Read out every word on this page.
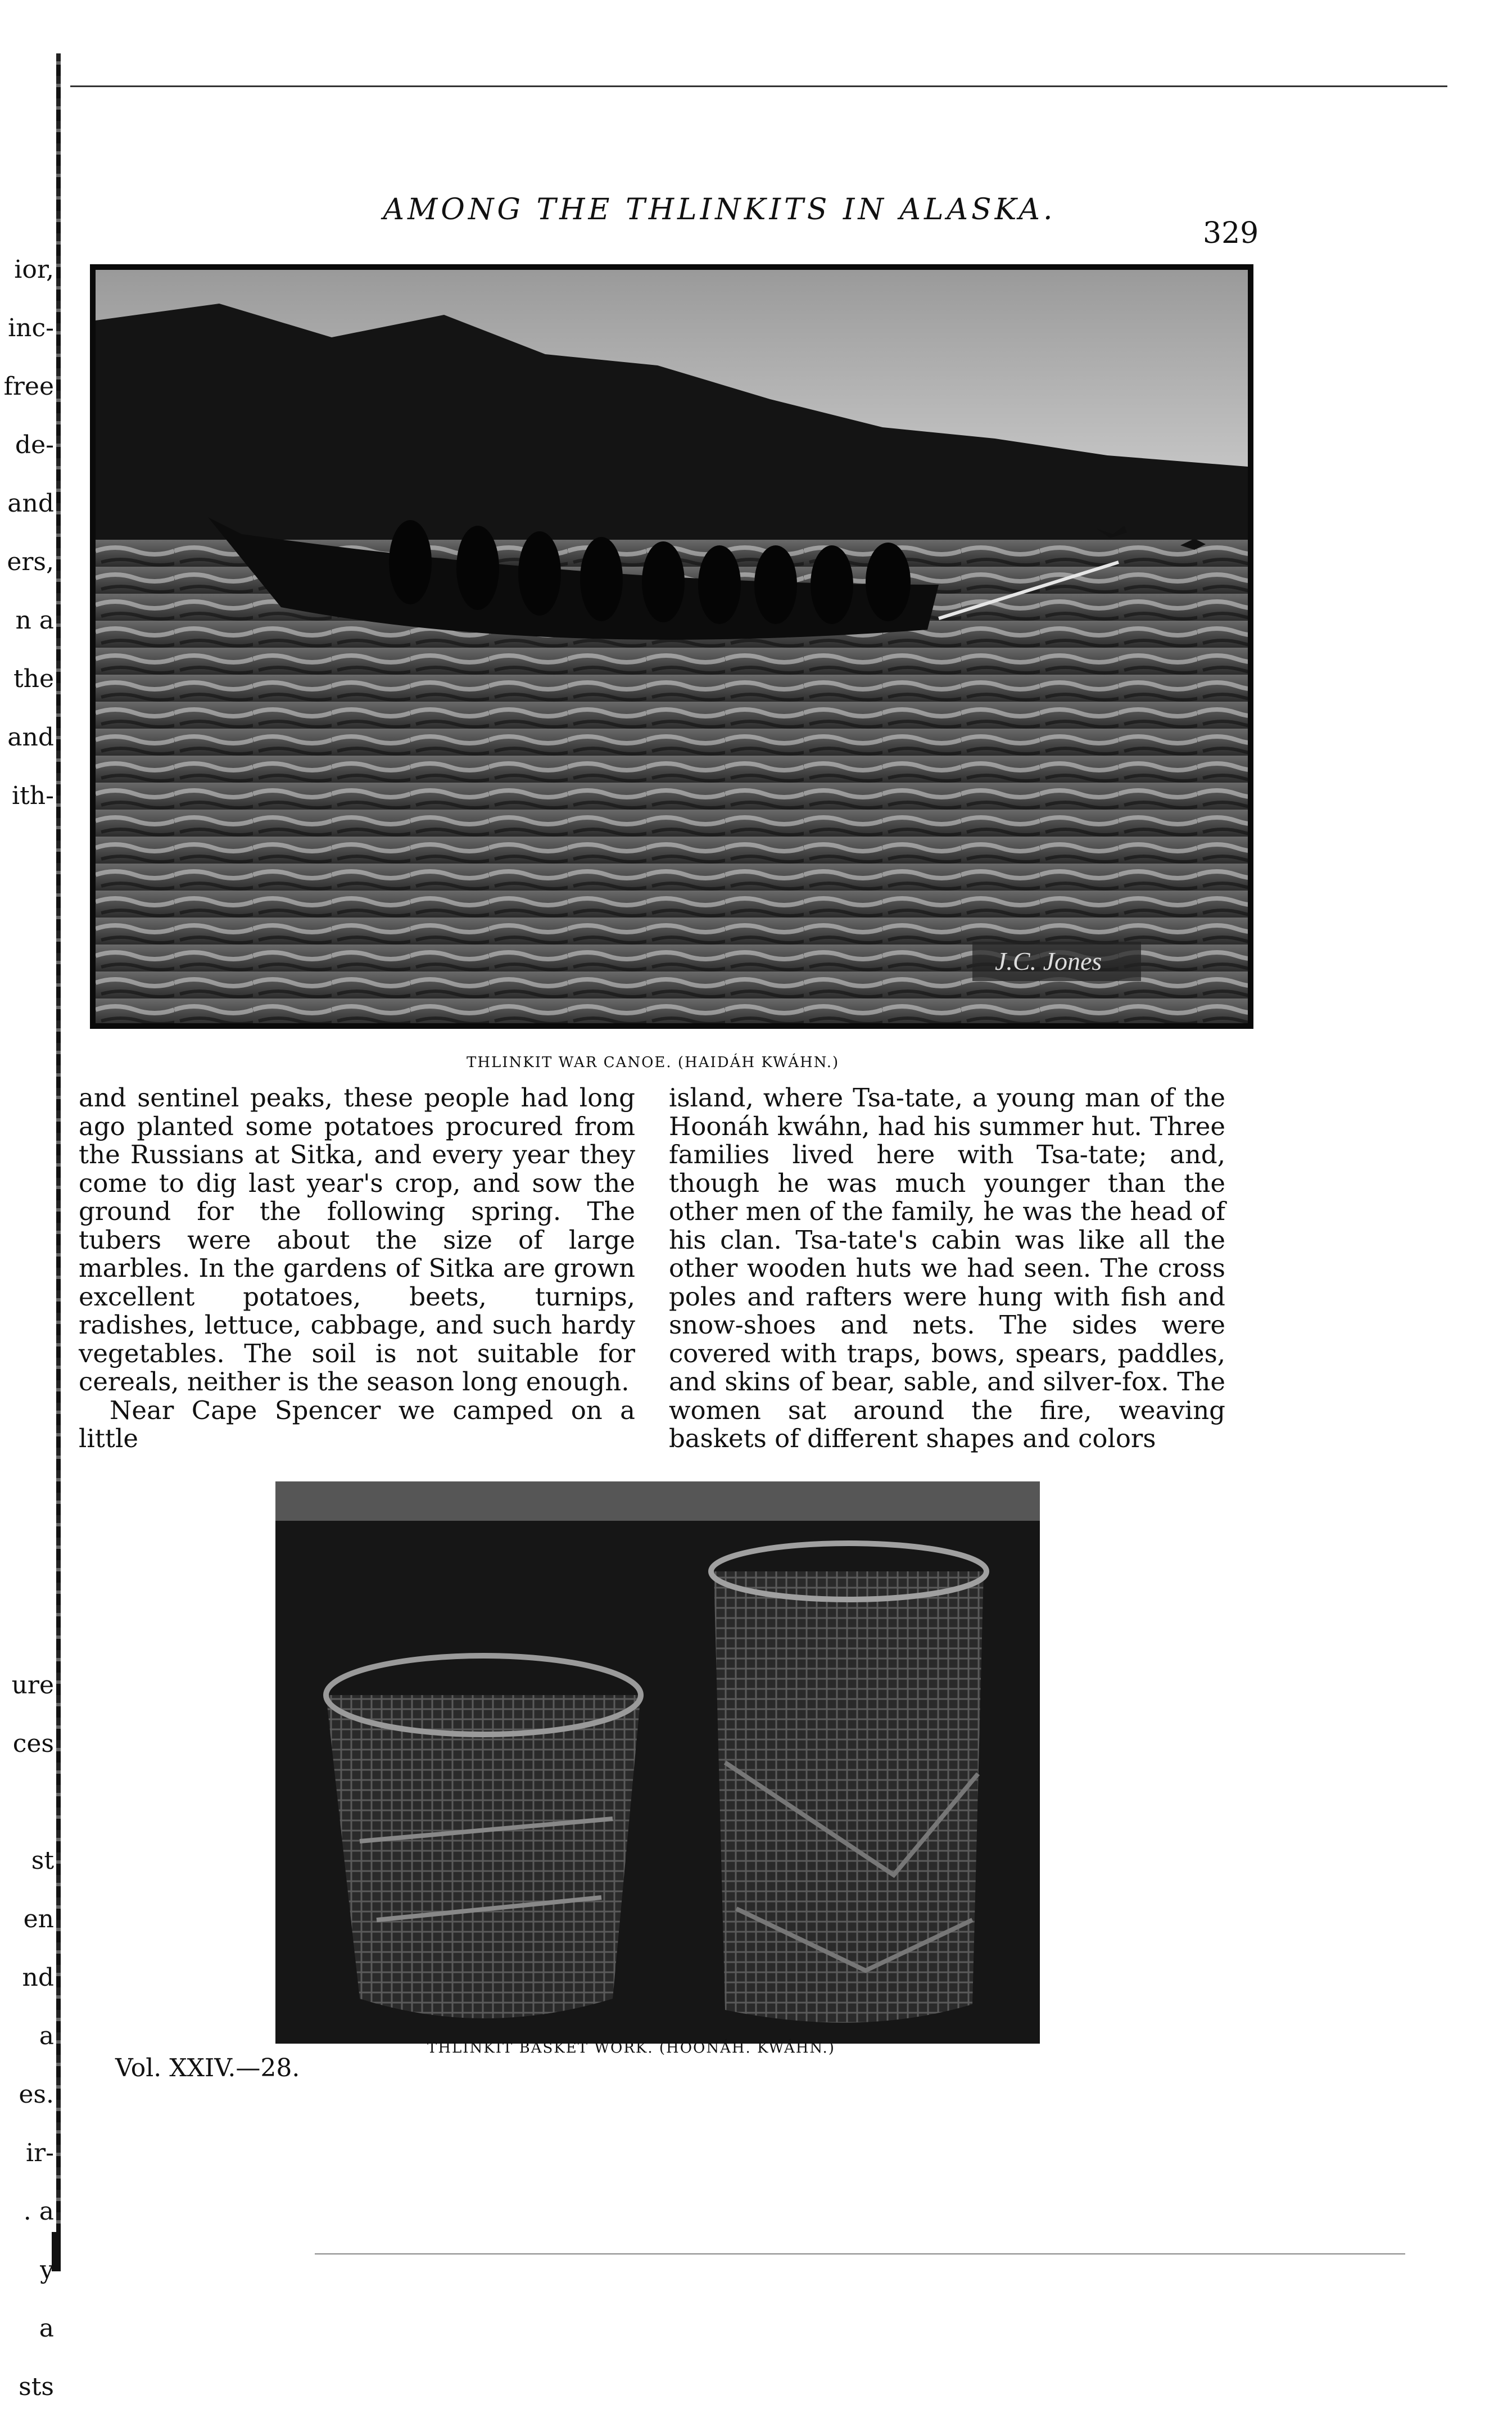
ior,

inc-

free

de-

and

ers,

n a

the

and

ith-

ure

ces

st

en

nd

a

es.

ir-

. a

y

a

sts

AMONG THE THLINKITS IN ALASKA.
329
J.C. Jones
THLINKIT WAR CANOE. (HAIDÁH KWÁHN.)

and sentinel peaks, these people had long ago planted some potatoes procured from the Russians at Sitka, and every year they come to dig last year's crop, and sow the ground for the following spring. The tubers were about the size of large marbles. In the gardens of Sitka are grown excellent potatoes, beets, turnips, radishes, lettuce, cabbage, and such hardy vegetables. The soil is not suitable for cereals, neither is the season long enough.

Near Cape Spencer we camped on a little

island, where Tsa-tate, a young man of the Hoonáh kwáhn, had his summer hut. Three families lived here with Tsa-tate; and, though he was much younger than the other men of the family, he was the head of his clan. Tsa-tate's cabin was like all the other wooden huts we had seen. The cross poles and rafters were hung with fish and snow-shoes and nets. The sides were covered with traps, bows, spears, paddles, and skins of bear, sable, and silver-fox. The women sat around the fire, weaving baskets of different shapes and colors

THLINKIT BASKET WORK. (HOONÁH. KWÁHN.)
Vol. XXIV.—28.
